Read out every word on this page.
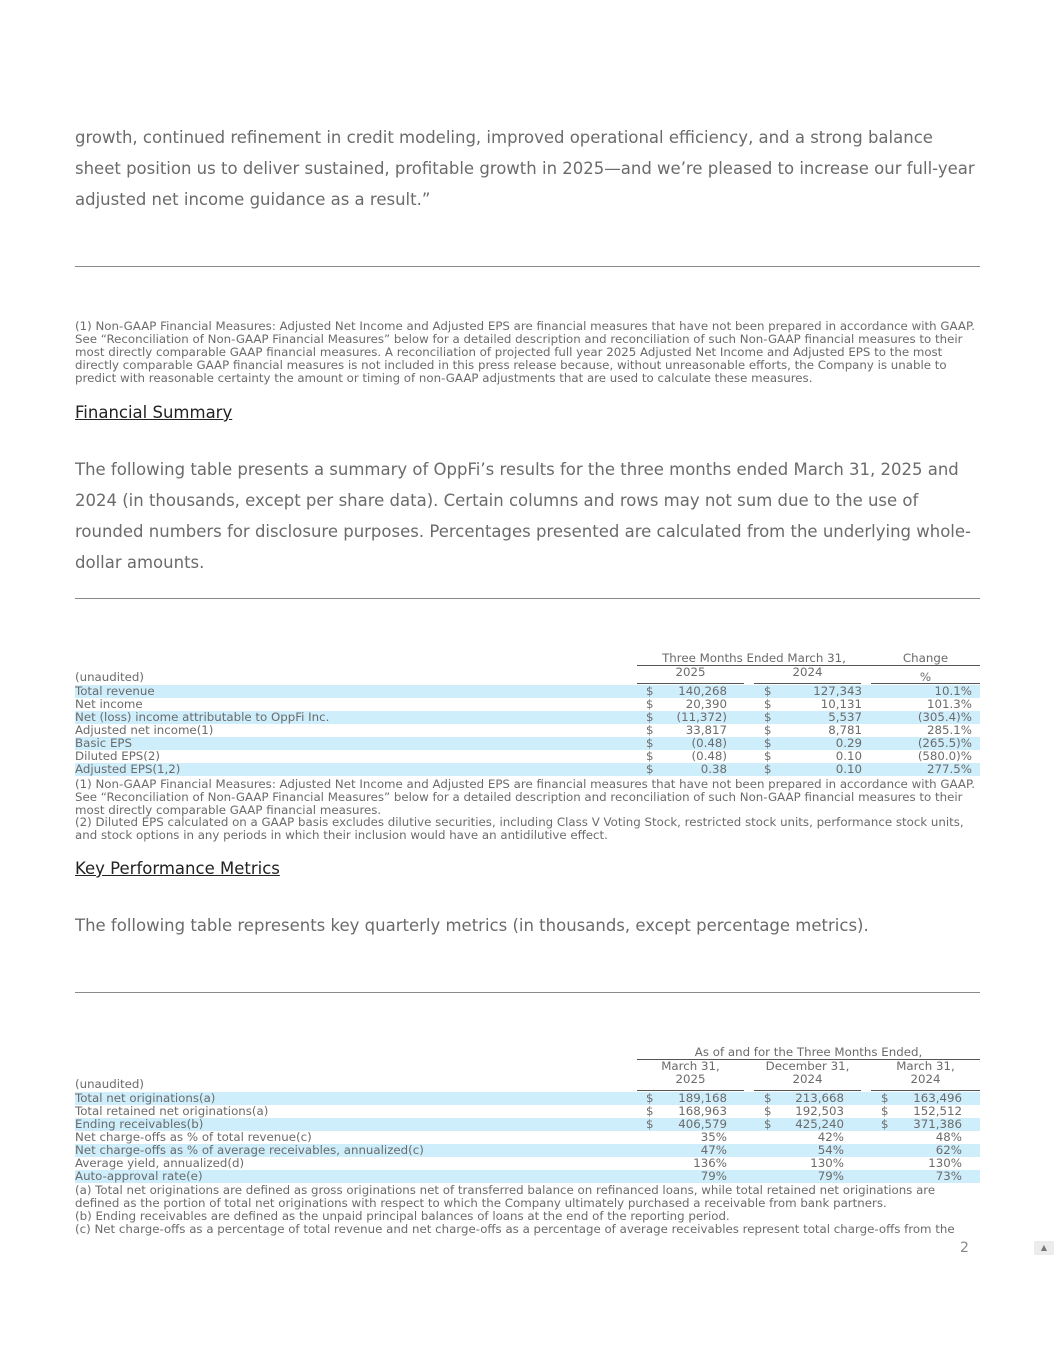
growth, continued refinement in credit modeling, improved operational efficiency, and a strong balance sheet position us to deliver sustained, profitable growth in 2025—and we’re pleased to increase our full-year adjusted net income guidance as a result.”
(1) Non-GAAP Financial Measures: Adjusted Net Income and Adjusted EPS are financial measures that have not been prepared in accordance with GAAP. See “Reconciliation of Non-GAAP Financial Measures” below for a detailed description and reconciliation of such Non-GAAP financial measures to their most directly comparable GAAP financial measures. A reconciliation of projected full year 2025 Adjusted Net Income and Adjusted EPS to the most directly comparable GAAP financial measures is not included in this press release because, without unreasonable efforts, the Company is unable to predict with reasonable certainty the amount or timing of non-GAAP adjustments that are used to calculate these measures.
Financial Summary
The following table presents a summary of OppFi’s results for the three months ended March 31, 2025 and 2024 (in thousands, except per share data). Certain columns and rows may not sum due to the use of rounded numbers for disclosure purposes. Percentages presented are calculated from the underlying whole-dollar amounts.
Three Months Ended March 31,	Change
2025	2024	%
(unaudited)
Total revenue	$	140,268	$	127,343	10.1%
Net income	$	20,390	$	10,131	101.3%
Net (loss) income attributable to OppFi Inc.	$	(11,372)	$	5,537	(305.4)%
Adjusted net income(1)	$	33,817	$	8,781	285.1%
Basic EPS	$	(0.48)	$	0.29	(265.5)%
Diluted EPS(2)	$	(0.48)	$	0.10	(580.0)%
Adjusted EPS(1,2)	$	0.38	$	0.10	277.5%
(1) Non-GAAP Financial Measures: Adjusted Net Income and Adjusted EPS are financial measures that have not been prepared in accordance with GAAP. See “Reconciliation of Non-GAAP Financial Measures” below for a detailed description and reconciliation of such Non-GAAP financial measures to their most directly comparable GAAP financial measures.
(2) Diluted EPS calculated on a GAAP basis excludes dilutive securities, including Class V Voting Stock, restricted stock units, performance stock units, and stock options in any periods in which their inclusion would have an antidilutive effect.
Key Performance Metrics
The following table represents key quarterly metrics (in thousands, except percentage metrics).
As of and for the Three Months Ended,
March 31,
2025
December 31,
2024
March 31,
2024
(unaudited)
Total net originations(a)	$	189,168	$	213,668	$	163,496
Total retained net originations(a)	$	168,963	$	192,503	$	152,512
Ending receivables(b)	$	406,579	$	425,240	$	371,386
Net charge-offs as % of total revenue(c)	35%	42%	48%
Net charge-offs as % of average receivables, annualized(c)	47%	54%	62%
Average yield, annualized(d)	136%	130%	130%
Auto-approval rate(e)	79%	79%	73%
(a) Total net originations are defined as gross originations net of transferred balance on refinanced loans, while total retained net originations are defined as the portion of total net originations with respect to which the Company ultimately purchased a receivable from bank partners.
(b) Ending receivables are defined as the unpaid principal balances of loans at the end of the reporting period.
(c) Net charge-offs as a percentage of total revenue and net charge-offs as a percentage of average receivables represent total charge-offs from the
2	▲
